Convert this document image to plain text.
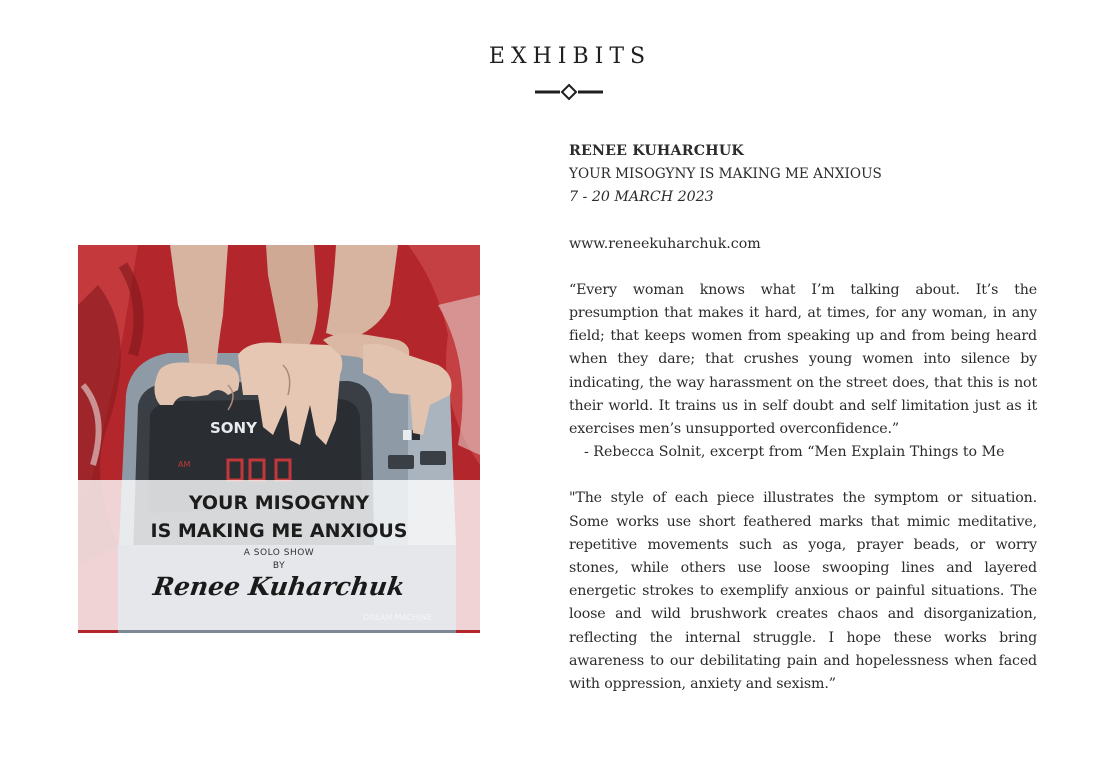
EXHIBITS
AM
SONY
YOUR MISOGYNY
IS MAKING ME ANXIOUS
A SOLO SHOW
BY
Renee Kuharchuk
RENEE KUHARCHUK
YOUR MISOGYNY IS MAKING ME ANXIOUS
7 - 20 MARCH 2023
www.reneekuharchuk.com
“Every woman knows what I’m talking about. It’s the presumption that makes it hard, at times, for any woman, in any field; that keeps women from speaking up and from being heard when they dare; that crushes young women into silence by indicating, the way harassment on the street does, that this is not their world. It trains us in self doubt and self limitation just as it exercises men’s unsupported overconfidence.”
- Rebecca Solnit, excerpt from “Men Explain Things to Me
"The style of each piece illustrates the symptom or situation. Some works use short feathered marks that mimic meditative, repetitive movements such as yoga, prayer beads, or worry stones, while others use loose swooping lines and layered energetic strokes to exemplify anxious or painful situations. The loose and wild brushwork creates chaos and disorganization, reflecting the internal struggle. I hope these works bring awareness to our debilitating pain and hopelessness when faced with oppression, anxiety and sexism.”
